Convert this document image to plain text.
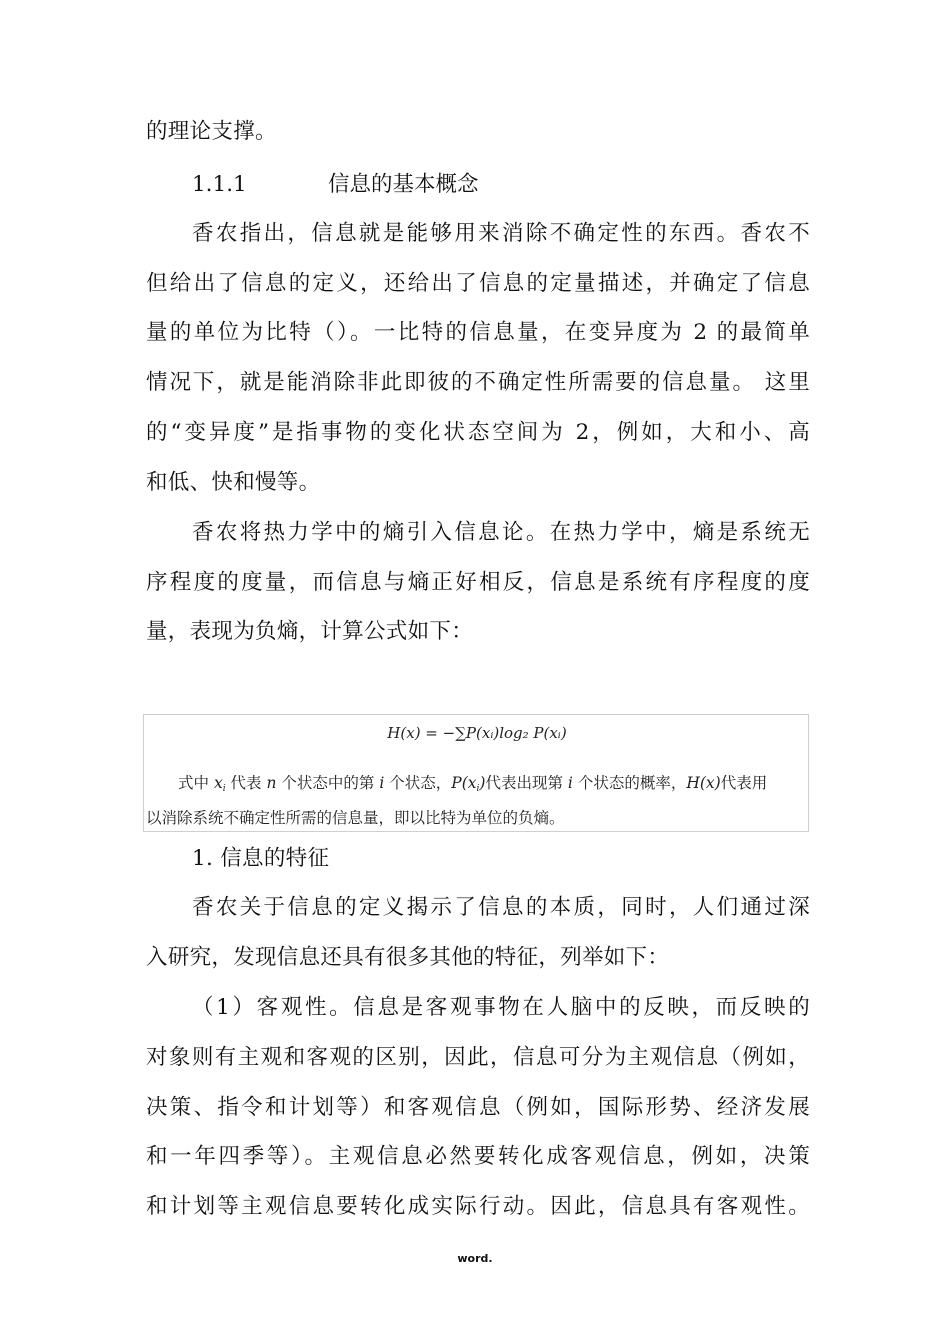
的理论支撑。
1.1.1	信息的基本概念
香农指出，信息就是能够用来消除不确定性的东西。香农不
但给出了信息的定义，还给出了信息的定量描述，并确定了信息
量的单位为比特（）。一比特的信息量，在变异度为 2 的最简单
情况下，就是能消除非此即彼的不确定性所需要的信息量。 这里
的“变异度”是指事物的变化状态空间为 2，例如，大和小、高
和低、快和慢等。
香农将热力学中的熵引入信息论。在热力学中，熵是系统无
序程度的度量，而信息与熵正好相反，信息是系统有序程度的度
量，表现为负熵，计算公式如下：
H(x) = −∑P(xᵢ)log₂ P(xᵢ)
式中 $x_i$ 代表 n 个状态中的第 i 个状态，$P(x_i)$代表出现第 i 个状态的概率，H(x)代表用
以消除系统不确定性所需的信息量，即以比特为单位的负熵。
1. 信息的特征
香农关于信息的定义揭示了信息的本质，同时，人们通过深
入研究，发现信息还具有很多其他的特征，列举如下：
（1）客观性。信息是客观事物在人脑中的反映，而反映的
对象则有主观和客观的区别，因此，信息可分为主观信息（例如，
决策、指令和计划等）和客观信息（例如，国际形势、经济发展
和一年四季等）。主观信息必然要转化成客观信息，例如，决策
和计划等主观信息要转化成实际行动。因此，信息具有客观性。
word.
